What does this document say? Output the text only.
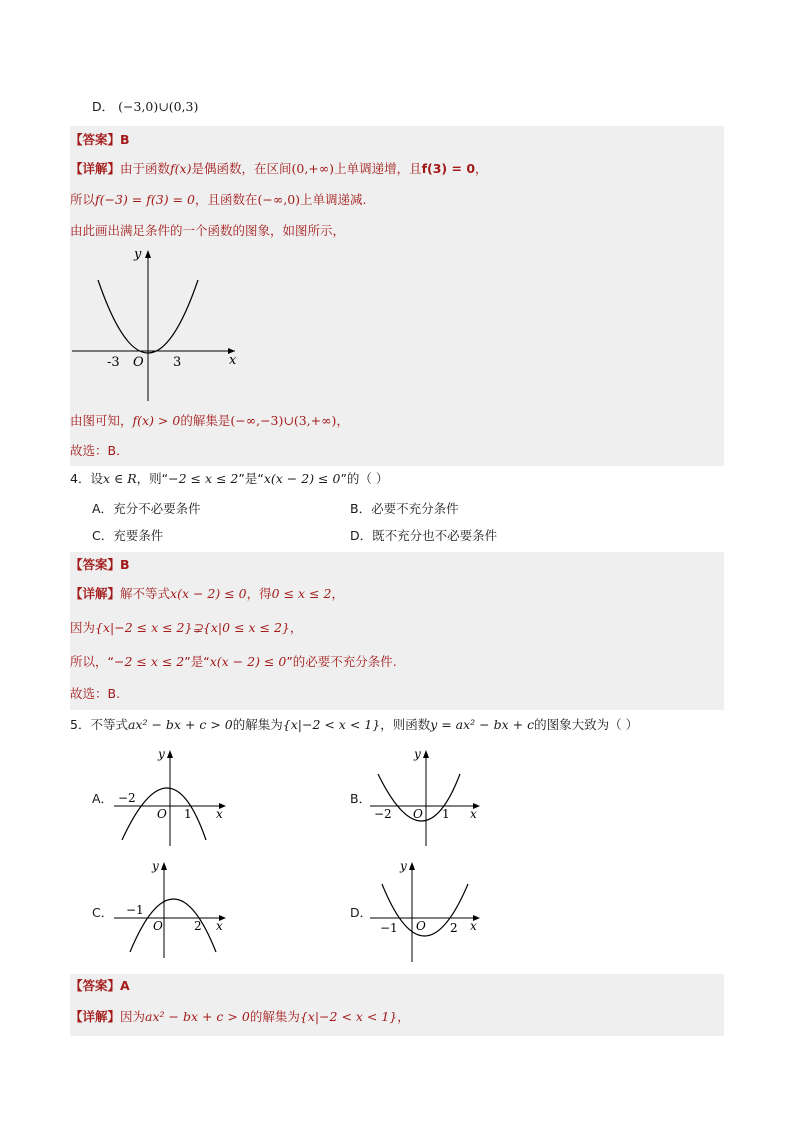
D． (−3,0)∪(0,3)
【答案】B
【详解】由于函数f(x)是偶函数，在区间(0,+∞)上单调递增，且f(3) = 0，
所以f(−3) = f(3) = 0，且函数在(−∞,0)上单调递减.
由此画出满足条件的一个函数的图象，如图所示，
y
x
O
-3	3
由图可知，f(x) > 0的解集是(−∞,−3)∪(3,+∞)，
故选：B．
4．设x ∈ R，则“−2 ≤ x ≤ 2”是“x(x − 2) ≤ 0”的（ ）
A．充分不必要条件	B．必要不充分条件
C．充要条件	D．既不充分也不必要条件
【答案】B
【详解】解不等式x(x − 2) ≤ 0，得0 ≤ x ≤ 2，
因为{x|−2 ≤ x ≤ 2}⊋{x|0 ≤ x ≤ 2}，
所以，“−2 ≤ x ≤ 2”是“x(x − 2) ≤ 0”的必要不充分条件.
故选：B.
5．不等式ax² − bx + c > 0的解集为{x|−2 < x < 1}，则函数y = ax² − bx + c的图象大致为（ ）
A．
y
x
O
−2
1
B．
y
x
O
−2	1
C．
y
x
O
−1
2
D．
y
x
O
−1	2
【答案】A
【详解】因为ax² − bx + c > 0的解集为{x|−2 < x < 1}，
